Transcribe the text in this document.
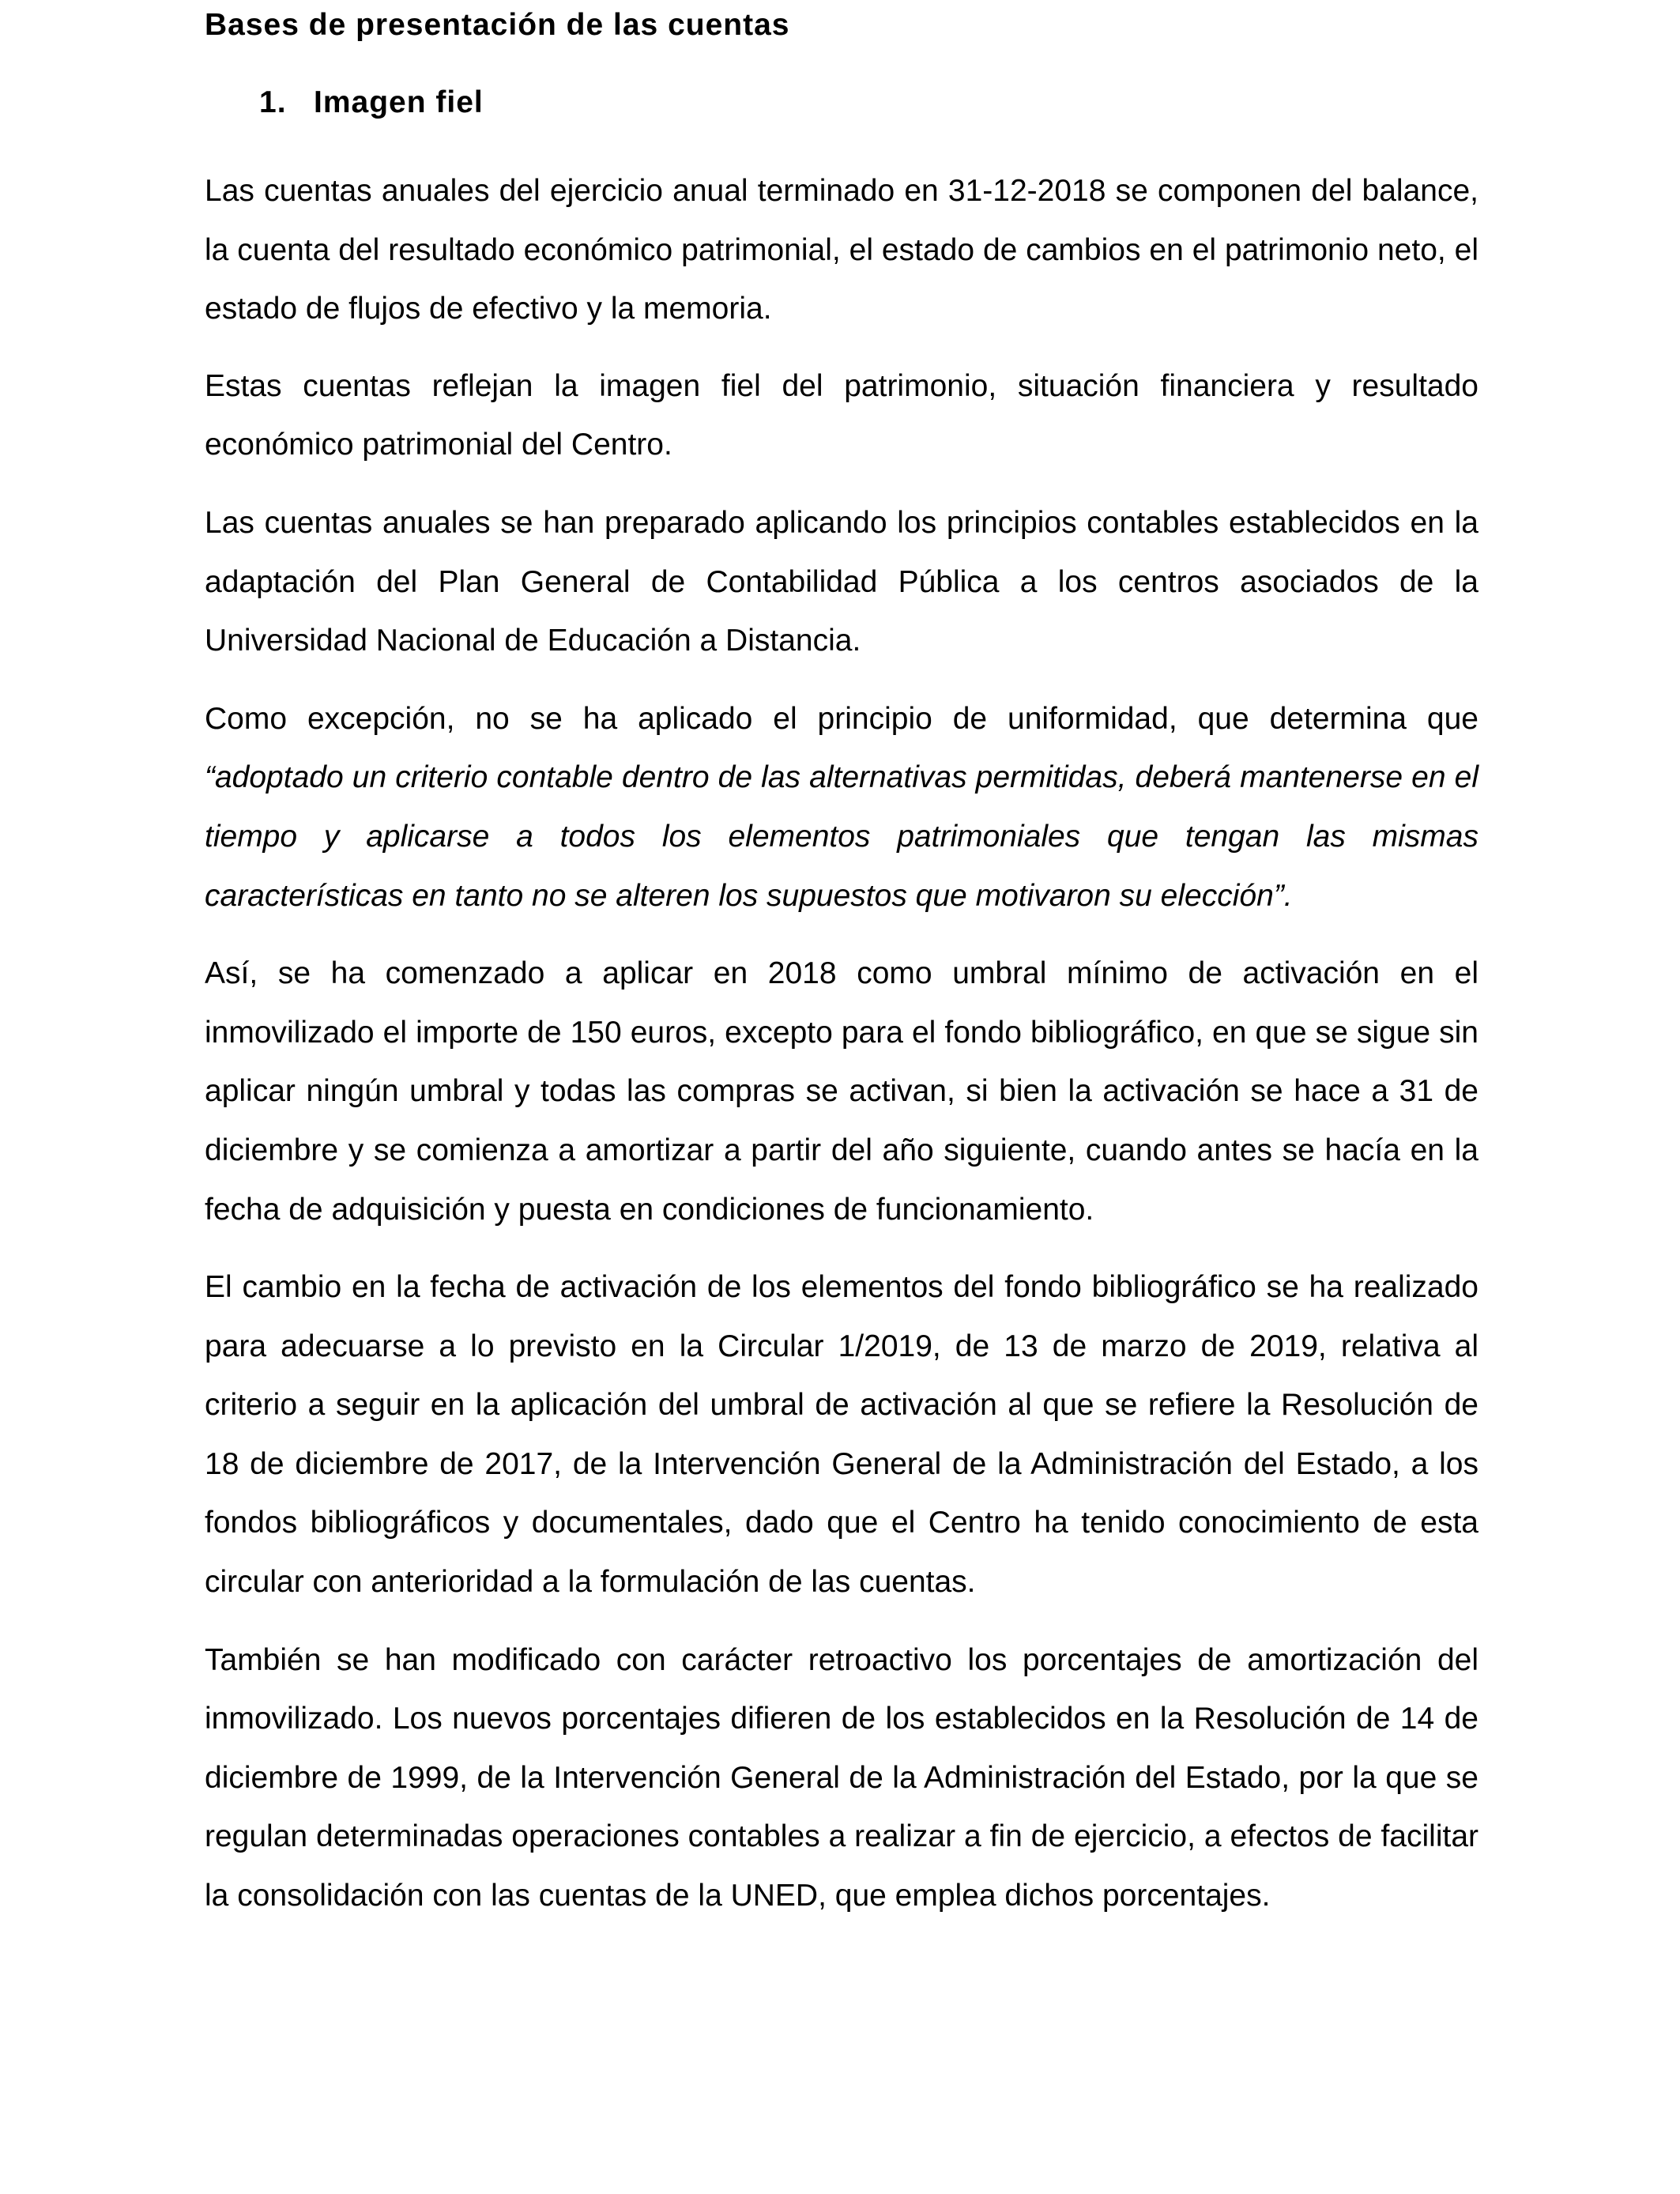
Bases de presentación de las cuentas
1. Imagen fiel

Las cuentas anuales del ejercicio anual terminado en 31-12-2018 se componen del balance, la cuenta del resultado económico patrimonial, el estado de cambios en el patrimonio neto, el estado de flujos de efectivo y la memoria.

Estas cuentas reflejan la imagen fiel del patrimonio, situación financiera y resultado económico patrimonial del Centro.

Las cuentas anuales se han preparado aplicando los principios contables establecidos en la adaptación del Plan General de Contabilidad Pública a los centros asociados de la Universidad Nacional de Educación a Distancia.

Como excepción, no se ha aplicado el principio de uniformidad, que determina que “adoptado un criterio contable dentro de las alternativas permitidas, deberá mantenerse en el tiempo y aplicarse a todos los elementos patrimoniales que tengan las mismas características en tanto no se alteren los supuestos que motivaron su elección”.

Así, se ha comenzado a aplicar en 2018 como umbral mínimo de activación en el inmovilizado el importe de 150 euros, excepto para el fondo bibliográfico, en que se sigue sin aplicar ningún umbral y todas las compras se activan, si bien la activación se hace a 31 de diciembre y se comienza a amortizar a partir del año siguiente, cuando antes se hacía en la fecha de adquisición y puesta en condiciones de funcionamiento.

El cambio en la fecha de activación de los elementos del fondo bibliográfico se ha realizado para adecuarse a lo previsto en la Circular 1/2019, de 13 de marzo de 2019, relativa al criterio a seguir en la aplicación del umbral de activación al que se refiere la Resolución de 18 de diciembre de 2017, de la Intervención General de la Administración del Estado, a los fondos bibliográficos y documentales, dado que el Centro ha tenido conocimiento de esta circular con anterioridad a la formulación de las cuentas.

También se han modificado con carácter retroactivo los porcentajes de amortización del inmovilizado. Los nuevos porcentajes difieren de los establecidos en la Resolución de 14 de diciembre de 1999, de la Intervención General de la Administración del Estado, por la que se regulan determinadas operaciones contables a realizar a fin de ejercicio, a efectos de facilitar la consolidación con las cuentas de la UNED, que emplea dichos porcentajes.
